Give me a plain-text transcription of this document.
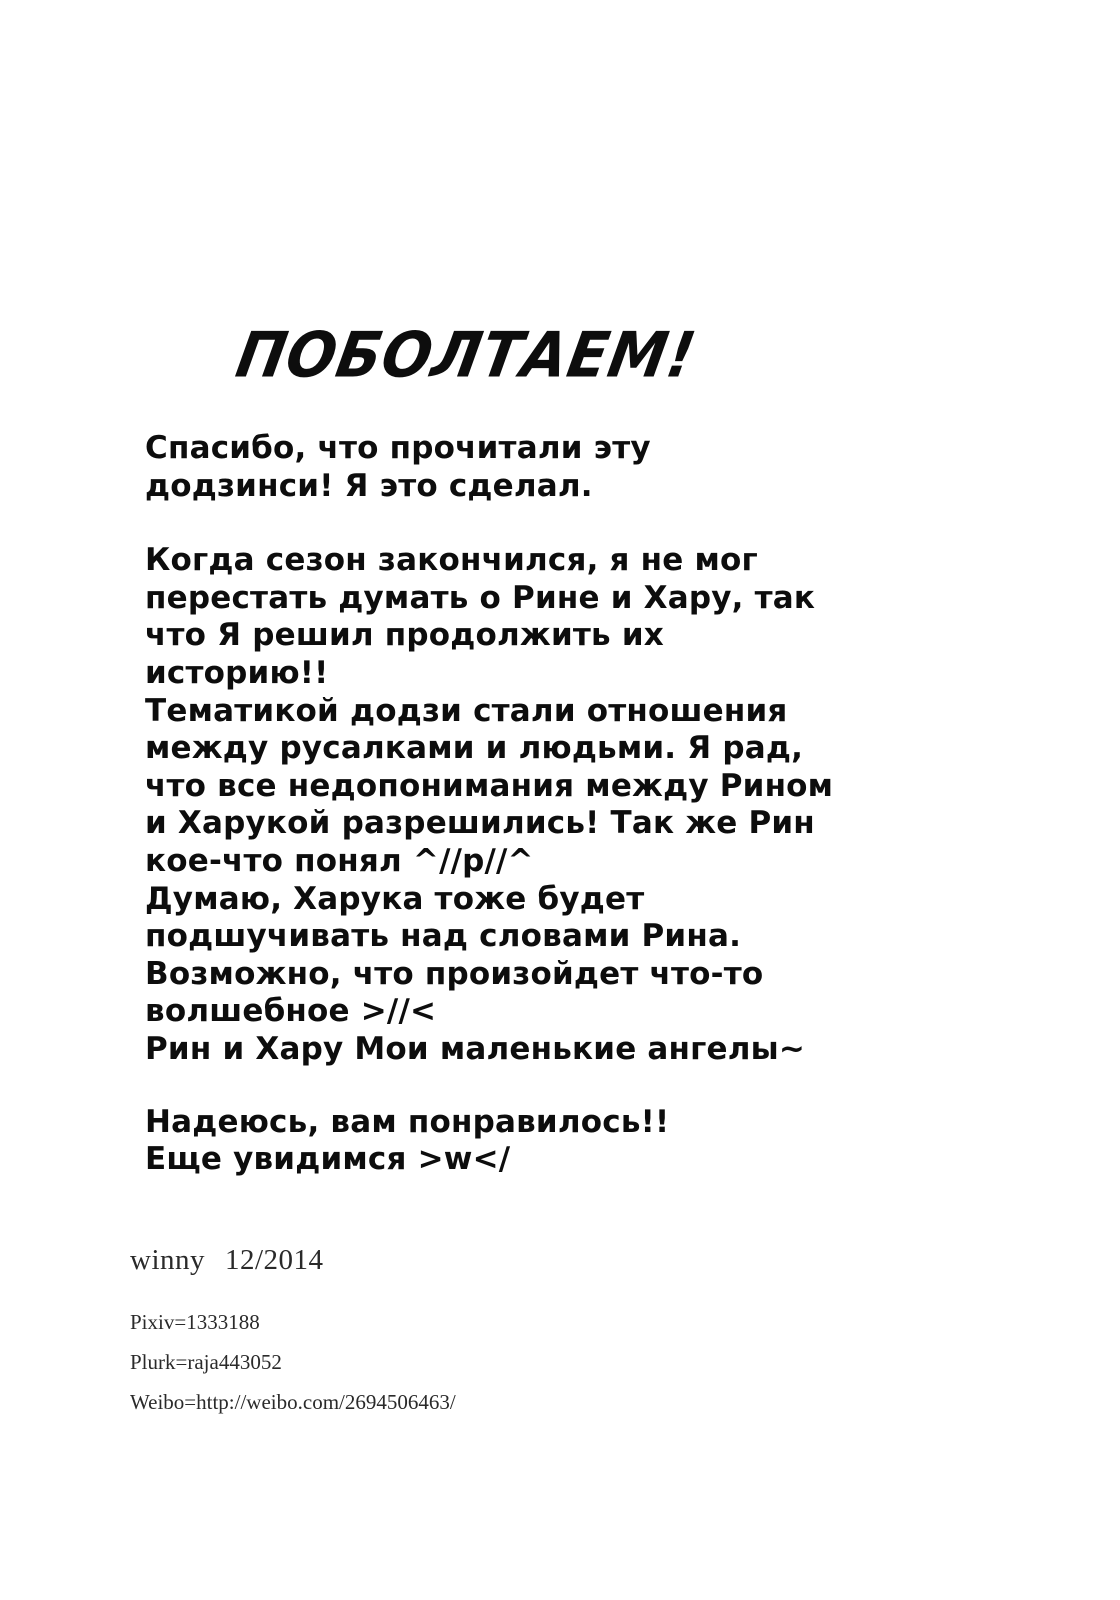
ПОБОЛТАЕМ!
Спасибо, что прочитали эту
додзинси! Я это сделал.
Когда сезон закончился, я не мог
перестать думать о Рине и Хару, так
что Я решил продолжить их
историю!!
Тематикой додзи стали отношения
между русалками и людьми. Я рад,
что все недопонимания между Рином
и Харукой разрешились! Так же Рин
кое-что понял ^//p//^
Думаю, Харука тоже будет
подшучивать над словами Рина.
Возможно, что произойдет что-то
волшебное >//<
Рин и Хару Мои маленькие ангелы~
Надеюсь, вам понравилось!!
Еще увидимся >w</
winny 12/2014
Pixiv=1333188
Plurk=raja443052
Weibo=http://weibo.com/2694506463/
